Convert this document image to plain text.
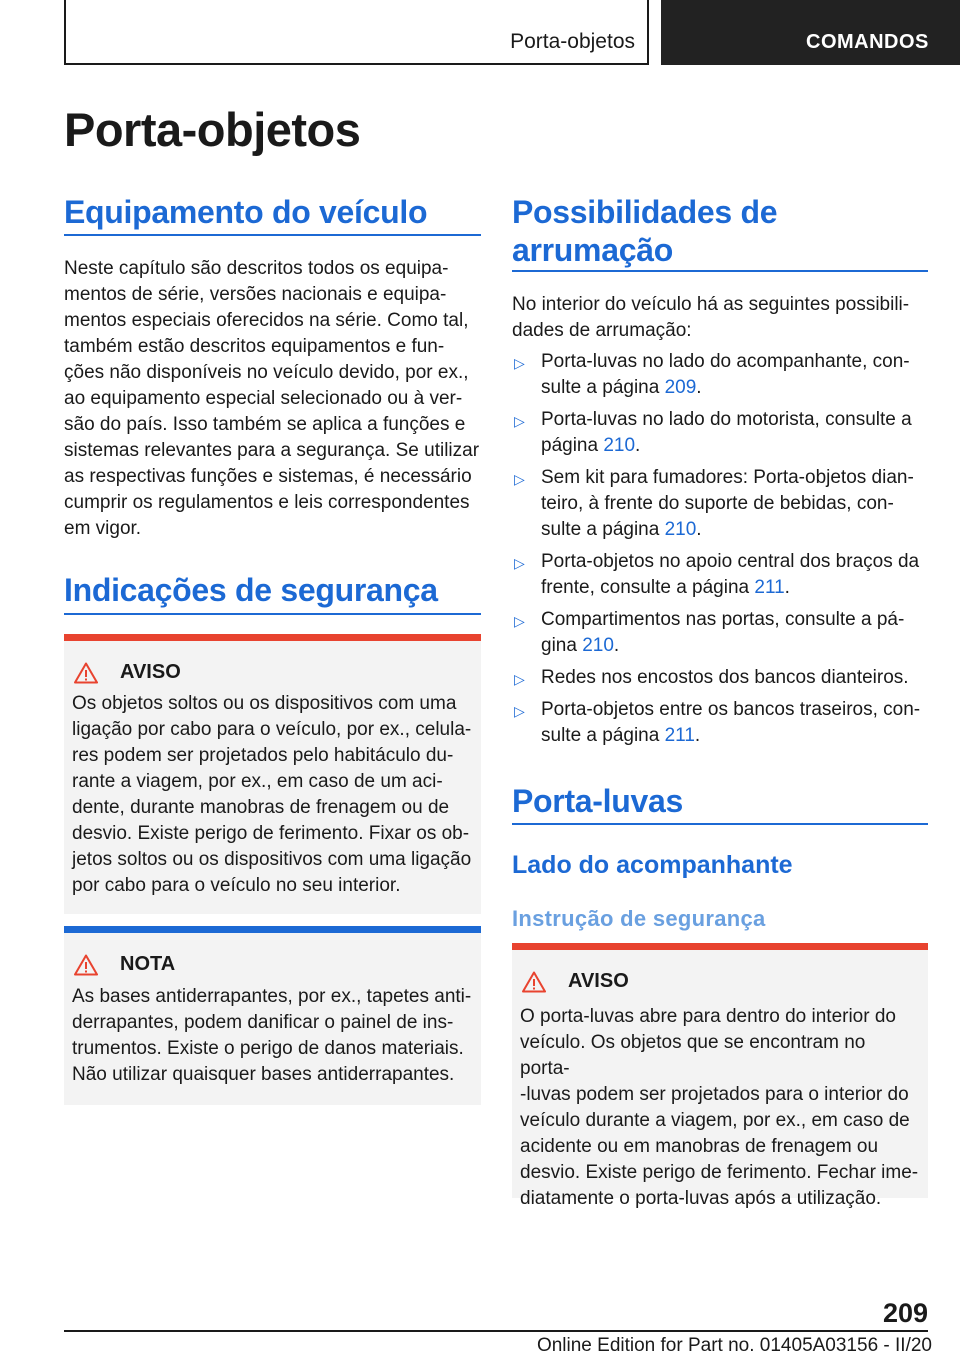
Porta-objetos	COMANDOS
Porta-objetos
Equipamento do veículo
Neste capítulo são descritos todos os equipa-
mentos de série, versões nacionais e equipa-
mentos especiais oferecidos na série. Como tal,
também estão descritos equipamentos e fun-
ções não disponíveis no veículo devido, por ex.,
ao equipamento especial selecionado ou à ver-
são do país. Isso também se aplica a funções e
sistemas relevantes para a segurança. Se utilizar
as respectivas funções e sistemas, é necessário
cumprir os regulamentos e leis correspondentes
em vigor.
Indicações de segurança
AVISO
Os objetos soltos ou os dispositivos com uma
ligação por cabo para o veículo, por ex., celula-
res podem ser projetados pelo habitáculo du-
rante a viagem, por ex., em caso de um aci-
dente, durante manobras de frenagem ou de
desvio. Existe perigo de ferimento. Fixar os ob-
jetos soltos ou os dispositivos com uma ligação
por cabo para o veículo no seu interior.
NOTA
As bases antiderrapantes, por ex., tapetes anti-
derrapantes, podem danificar o painel de ins-
trumentos. Existe o perigo de danos materiais.
Não utilizar quaisquer bases antiderrapantes.
Possibilidades de
arrumação
No interior do veículo há as seguintes possibili-
dades de arrumação:
▷ Porta-luvas no lado do acompanhante, con-
sulte a página 209.
▷ Porta-luvas no lado do motorista, consulte a
página 210.
▷ Sem kit para fumadores: Porta-objetos dian-
teiro, à frente do suporte de bebidas, con-
sulte a página 210.
▷ Porta-objetos no apoio central dos braços da
frente, consulte a página 211.
▷ Compartimentos nas portas, consulte a pá-
gina 210.
▷ Redes nos encostos dos bancos dianteiros.
▷ Porta-objetos entre os bancos traseiros, con-
sulte a página 211.
Porta-luvas
Lado do acompanhante
Instrução de segurança
AVISO
O porta-luvas abre para dentro do interior do
veículo. Os objetos que se encontram no porta-
-luvas podem ser projetados para o interior do
veículo durante a viagem, por ex., em caso de
acidente ou em manobras de frenagem ou
desvio. Existe perigo de ferimento. Fechar ime-
diatamente o porta-luvas após a utilização.
209
Online Edition for Part no. 01405A03156 - II/20
